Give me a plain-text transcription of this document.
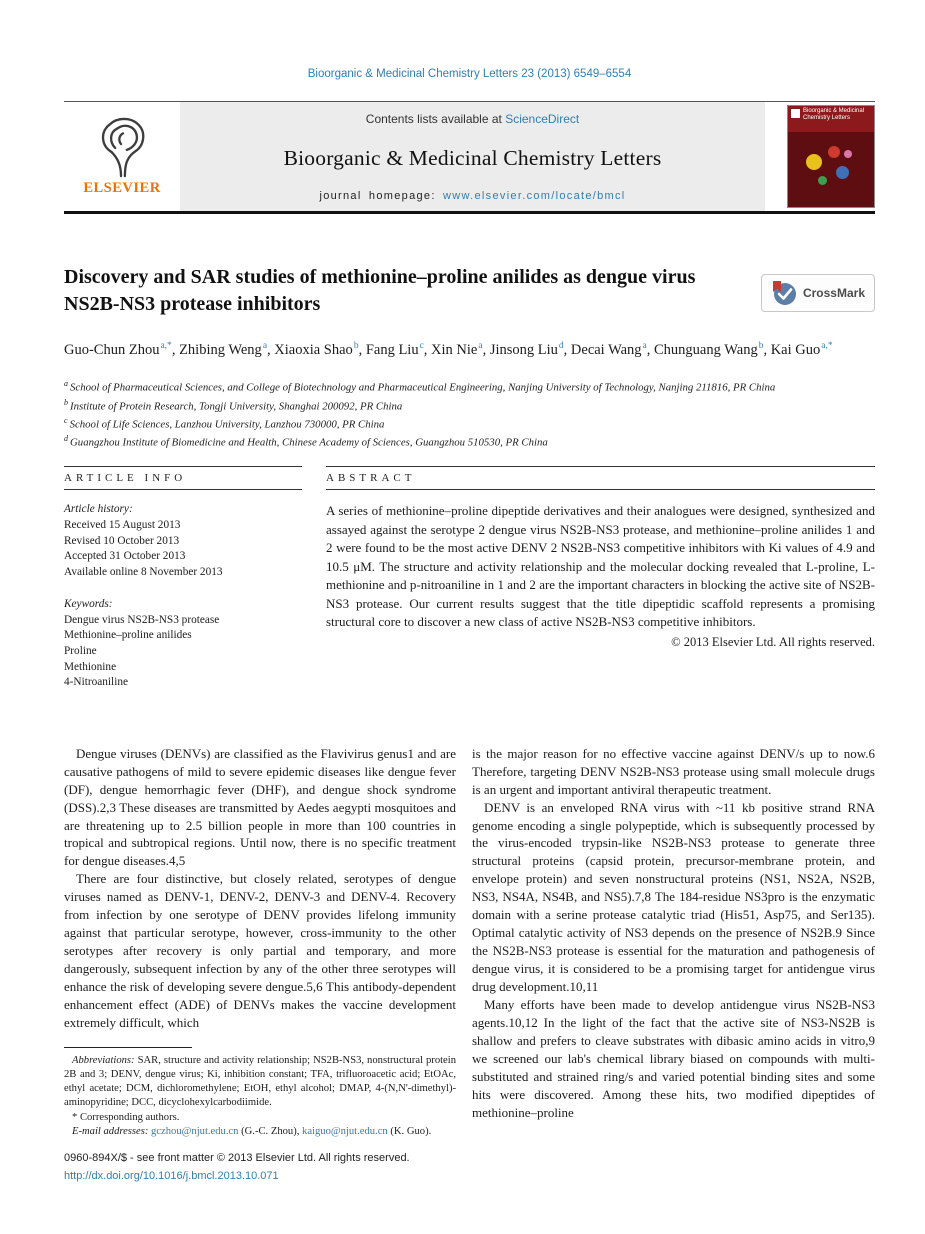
Bioorganic & Medicinal Chemistry Letters 23 (2013) 6549–6554
ELSEVIER
Contents lists available at ScienceDirect
Bioorganic & Medicinal Chemistry Letters
journal homepage: www.elsevier.com/locate/bmcl
Bioorganic & Medicinal Chemistry Letters
Discovery and SAR studies of methionine–proline anilides as dengue virus NS2B-NS3 protease inhibitors	CrossMark

Guo-Chun Zhou$^{a,*}$, Zhibing Weng$^a$, Xiaoxia Shao$^b$, Fang Liu$^c$, Xin Nie$^a$, Jinsong Liu$^d$, Decai Wang$^a$, Chunguang Wang$^b$, Kai Guo$^{a,*}$

$^a$ School of Pharmaceutical Sciences, and College of Biotechnology and Pharmaceutical Engineering, Nanjing University of Technology, Nanjing 211816, PR China

$^b$ Institute of Protein Research, Tongji University, Shanghai 200092, PR China

$^c$ School of Life Sciences, Lanzhou University, Lanzhou 730000, PR China

$^d$ Guangzhou Institute of Biomedicine and Health, Chinese Academy of Sciences, Guangzhou 510530, PR China

ARTICLE INFO
Article history:
Received 15 August 2013
Revised 10 October 2013
Accepted 31 October 2013
Available online 8 November 2013
Keywords:
Dengue virus NS2B-NS3 protease
Methionine–proline anilides
Proline
Methionine
4-Nitroaniline
ABSTRACT

A series of methionine–proline dipeptide derivatives and their analogues were designed, synthesized and assayed against the serotype 2 dengue virus NS2B-NS3 protease, and methionine–proline anilides 1 and 2 were found to be the most active DENV 2 NS2B-NS3 competitive inhibitors with Ki values of 4.9 and 10.5 μM. The structure and activity relationship and the molecular docking revealed that L-proline, L-methionine and p-nitroaniline in 1 and 2 are the important characters in blocking the active site of NS2B-NS3 protease. Our current results suggest that the title dipeptidic scaffold represents a promising structural core to discover a new class of active NS2B-NS3 competitive inhibitors.

© 2013 Elsevier Ltd. All rights reserved.

Dengue viruses (DENVs) are classified as the Flavivirus genus1 and are causative pathogens of mild to severe epidemic diseases like dengue fever (DF), dengue hemorrhagic fever (DHF), and dengue shock syndrome (DSS).2,3 These diseases are transmitted by Aedes aegypti mosquitoes and are threatening up to 2.5 billion people in more than 100 countries in tropical and subtropical regions. Until now, there is no specific treatment for dengue diseases.4,5

There are four distinctive, but closely related, serotypes of dengue viruses named as DENV-1, DENV-2, DENV-3 and DENV-4. Recovery from infection by one serotype of DENV provides lifelong immunity against that particular serotype, however, cross-immunity to the other serotypes after recovery is only partial and temporary, and more dangerously, subsequent infection by any of the other three serotypes will enhance the risk of developing severe dengue.5,6 This antibody-dependent enhancement effect (ADE) of DENVs makes the vaccine development extremely difficult, which

Abbreviations: SAR, structure and activity relationship; NS2B-NS3, nonstructural protein 2B and 3; DENV, dengue virus; Ki, inhibition constant; TFA, trifluoroacetic acid; EtOAc, ethyl acetate; DCM, dichloromethylene; EtOH, ethyl alcohol; DMAP, 4-(N,N'-dimethyl)-aminopyridine; DCC, dicyclohexylcarbodiimide.

* Corresponding authors.

E-mail addresses: gczhou@njut.edu.cn (G.-C. Zhou), kaiguo@njut.edu.cn (K. Guo).

is the major reason for no effective vaccine against DENV/s up to now.6 Therefore, targeting DENV NS2B-NS3 protease using small molecule drugs is an urgent and important antiviral therapeutic treatment.

DENV is an enveloped RNA virus with ~11 kb positive strand RNA genome encoding a single polypeptide, which is subsequently processed by the virus-encoded trypsin-like NS2B-NS3 protease to generate three structural proteins (capsid protein, precursor-membrane protein, and envelope protein) and seven nonstructural proteins (NS1, NS2A, NS2B, NS3, NS4A, NS4B, and NS5).7,8 The 184-residue NS3pro is the enzymatic domain with a serine protease catalytic triad (His51, Asp75, and Ser135). Optimal catalytic activity of NS3 depends on the presence of NS2B.9 Since the NS2B-NS3 protease is essential for the maturation and pathogenesis of dengue virus, it is considered to be a promising target for antidengue virus drug development.10,11

Many efforts have been made to develop antidengue virus NS2B-NS3 agents.10,12 In the light of the fact that the active site of NS3-NS2B is shallow and prefers to cleave substrates with dibasic amino acids in vitro,9 we screened our lab's chemical library biased on compounds with multi-substituted and strained ring/s and varied potential binding sites and some hits were discovered. Among these hits, two modified dipeptides of methionine–proline

0960-894X/$ - see front matter © 2013 Elsevier Ltd. All rights reserved.
http://dx.doi.org/10.1016/j.bmcl.2013.10.071
